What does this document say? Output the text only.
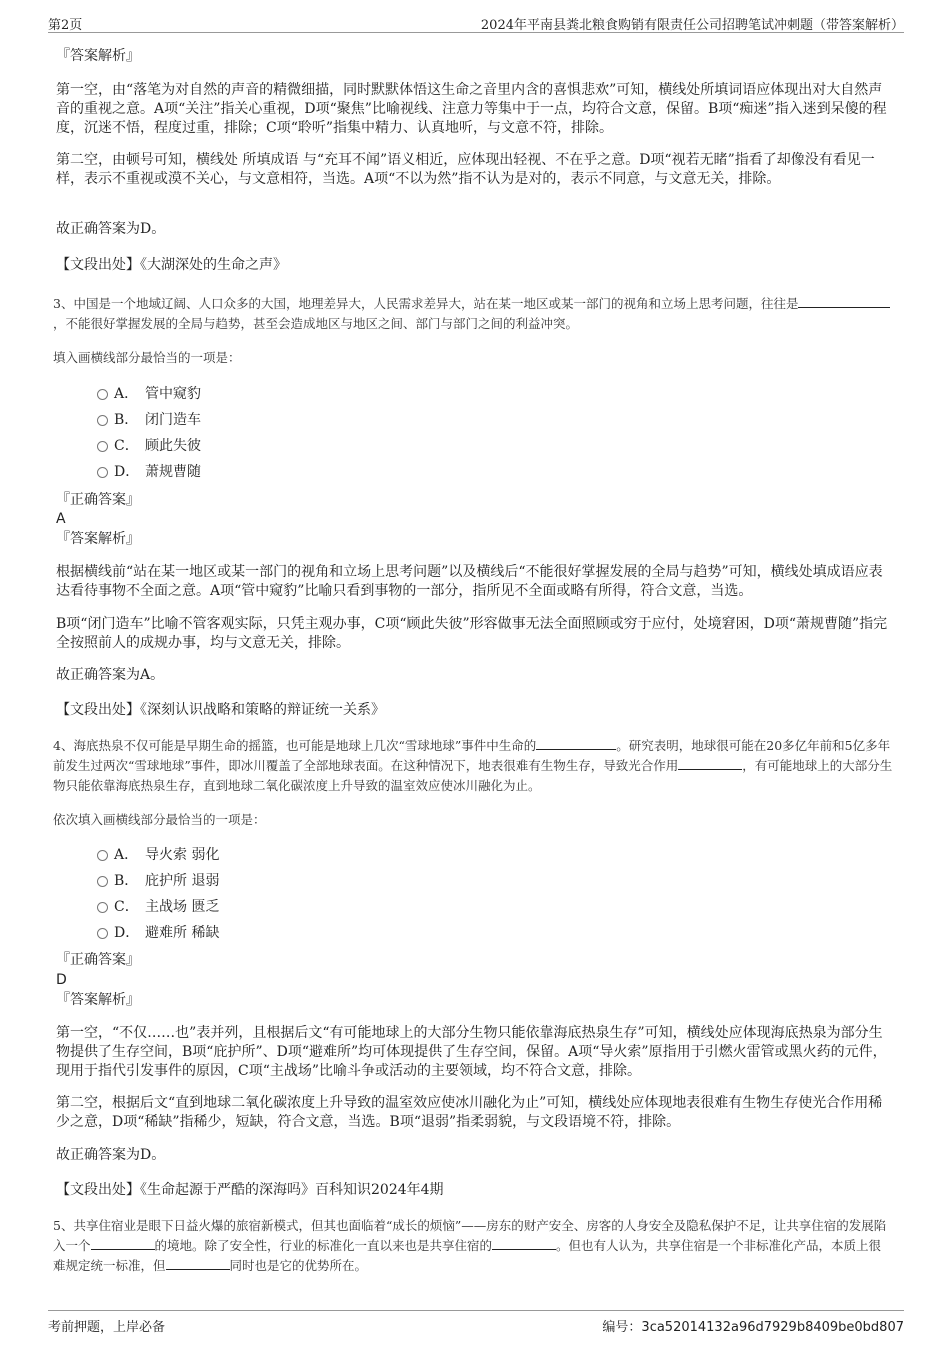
第2页	2024年平南县粪北粮食购销有限责任公司招聘笔试冲刺题（带答案解析）
『答案解析』

第一空，由“落笔为对自然的声音的精微细描，同时默默体悟这生命之音里内含的喜惧悲欢”可知，横线处所填词语应体现出对大自然声音的重视之意。A项“关注”指关心重视，D项“聚焦”比喻视线、注意力等集中于一点，均符合文意，保留。B项“痴迷”指入迷到呆傻的程度，沉迷不悟，程度过重，排除；C项“聆听”指集中精力、认真地听，与文意不符，排除。

第二空，由顿号可知，横线处 所填成语 与“充耳不闻”语义相近，应体现出轻视、不在乎之意。D项“视若无睹”指看了却像没有看见一样，表示不重视或漠不关心，与文意相符，当选。A项“不以为然”指不认为是对的，表示不同意，与文意无关，排除。

故正确答案为D。
【文段出处】《大湖深处的生命之声》

3、中国是一个地域辽阔、人口众多的大国，地理差异大，人民需求差异大，站在某一地区或某一部门的视角和立场上思考问题，往往是，不能很好掌握发展的全局与趋势，甚至会造成地区与地区之间、部门与部门之间的利益冲突。

填入画横线部分最恰当的一项是：
A． 管中窥豹
B． 闭门造车
C． 顾此失彼
D． 萧规曹随
『正确答案』
A
『答案解析』

根据横线前“站在某一地区或某一部门的视角和立场上思考问题”以及横线后“不能很好掌握发展的全局与趋势”可知，横线处填成语应表达看待事物不全面之意。A项“管中窥豹”比喻只看到事物的一部分，指所见不全面或略有所得，符合文意，当选。

B项“闭门造车”比喻不管客观实际，只凭主观办事，C项“顾此失彼”形容做事无法全面照顾或穷于应付，处境窘困，D项“萧规曹随”指完全按照前人的成规办事，均与文意无关，排除。

故正确答案为A。
【文段出处】《深刻认识战略和策略的辩证统一关系》

4、海底热泉不仅可能是早期生命的摇篮，也可能是地球上几次“雪球地球”事件中生命的	。研究表明，地球很可能在20多亿年前和5亿多年前发生过两次“雪球地球”事件，即冰川覆盖了全部地球表面。在这种情况下，地表很难有生物生存，导致光合作用	，有可能地球上的大部分生物只能依靠海底热泉生存，直到地球二氧化碳浓度上升导致的温室效应使冰川融化为止。

依次填入画横线部分最恰当的一项是：
A． 导火索 弱化
B． 庇护所 退弱
C． 主战场 匮乏
D． 避难所 稀缺
『正确答案』
D
『答案解析』

第一空，“不仅……也”表并列，且根据后文“有可能地球上的大部分生物只能依靠海底热泉生存”可知，横线处应体现海底热泉为部分生物提供了生存空间，B项“庇护所”、D项“避难所”均可体现提供了生存空间，保留。A项“导火索”原指用于引燃火雷管或黑火药的元件，现用于指代引发事件的原因，C项“主战场”比喻斗争或活动的主要领域，均不符合文意，排除。

第二空，根据后文“直到地球二氧化碳浓度上升导致的温室效应使冰川融化为止”可知，横线处应体现地表很难有生物生存使光合作用稀少之意，D项“稀缺”指稀少，短缺，符合文意，当选。B项“退弱”指柔弱貌，与文段语境不符，排除。

故正确答案为D。
【文段出处】《生命起源于严酷的深海吗》百科知识2024年4期

5、共享住宿业是眼下日益火爆的旅宿新模式，但其也面临着“成长的烦恼”——房东的财产安全、房客的人身安全及隐私保护不足，让共享住宿的发展陷入一个	的境地。除了安全性，行业的标准化一直以来也是共享住宿的	。但也有人认为，共享住宿是一个非标准化产品，本质上很难规定统一标准，但	同时也是它的优势所在。

考前押题，上岸必备	编号：3ca52014132a96d7929b8409be0bd807
